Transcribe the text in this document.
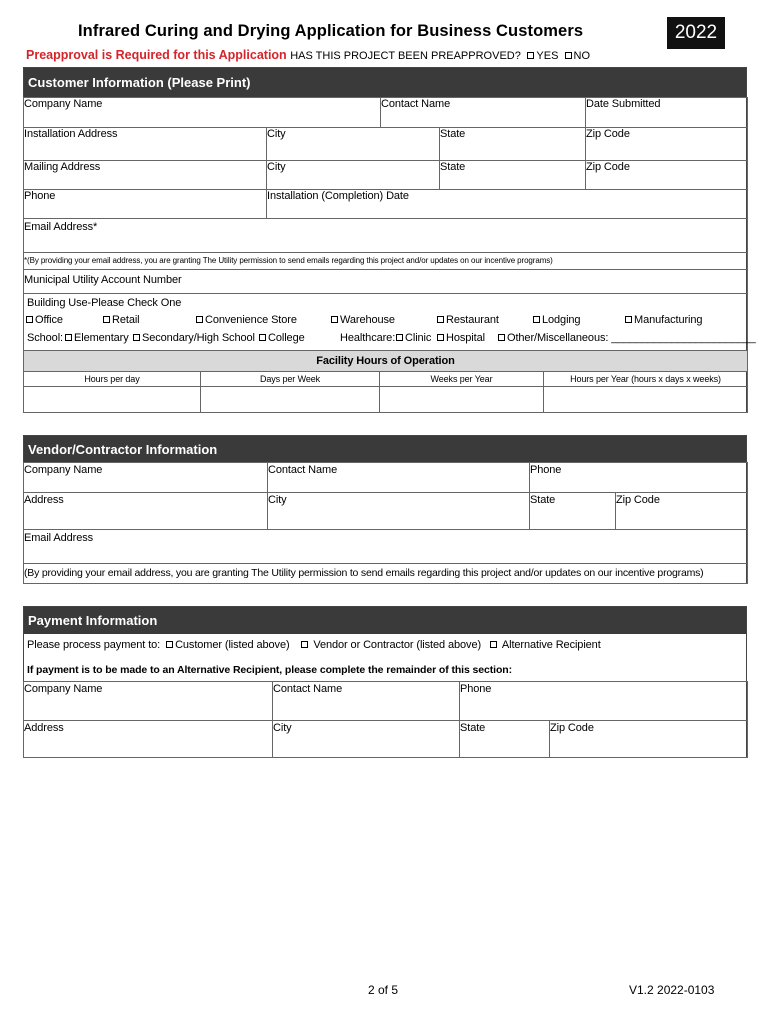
Infrared Curing and Drying Application for Business Customers	2022
Preapproval is Required for this Application HAS THIS PROJECT BEEN PREAPPROVED? YES NO
Customer Information (Please Print)
Company Name	Contact Name	Date Submitted
Installation Address	City	State	Zip Code
Mailing Address	City	State	Zip Code
Phone	Installation (Completion) Date
Email Address*
*(By providing your email address, you are granting The Utility permission to send emails regarding this project and/or updates on our incentive programs)
Municipal Utility Account Number
Building Use-Please Check One
Office	Retail	Convenience Store	Warehouse	Restaurant	Lodging	Manufacturing
School:	Elementary	Secondary/High School	College	Healthcare: Clinic	Hospital	Other/Miscellaneous: ________________________
Facility Hours of Operation
Hours per day	Days per Week	Weeks per Year	Hours per Year (hours x days x weeks)
Vendor/Contractor Information
Company Name	Contact Name	Phone
Address	City	State	Zip Code
Email Address
(By providing your email address, you are granting The Utility permission to send emails regarding this project and/or updates on our incentive programs)
Payment Information
Please process payment to: Customer (listed above) Vendor or Contractor (listed above) Alternative Recipient
If payment is to be made to an Alternative Recipient, please complete the remainder of this section:
Company Name	Contact Name	Phone
Address	City	State	Zip Code
2 of 5	V1.2 2022-0103
